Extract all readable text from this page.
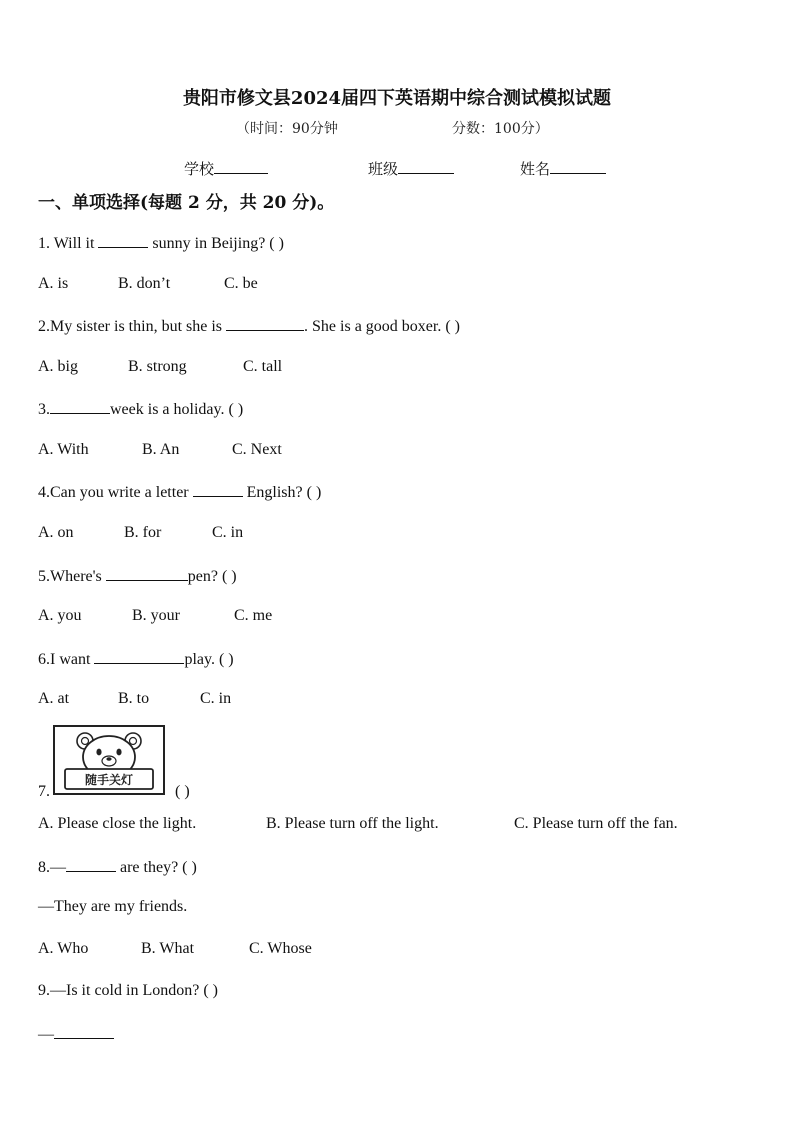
贵阳市修文县2024届四下英语期中综合测试模拟试题
（时间：90分钟	分数：100分）
学校	班级	姓名
一、单项选择(每题 2 分，共 20 分)。
1. Will it	sunny in Beijing? ( )
A. is	B. don’t	C. be
2.My sister is thin, but she is	. She is a good boxer. ( )
A. big	B. strong	C. tall
3.	week is a holiday. ( )
A. With	B. An	C. Next
4.Can you write a letter	English? ( )
A. on	B. for	C. in
5.Where's	pen? ( )
A. you	B. your	C. me
6.I want	play. ( )
A. at	B. to	C. in
随手关灯
7.	( )
A. Please close the light.	B. Please turn off the light.	C. Please turn off the fan.
8.—	are they? ( )
—They are my friends.
A. Who	B. What	C. Whose
9.—Is it cold in London? ( )
—
